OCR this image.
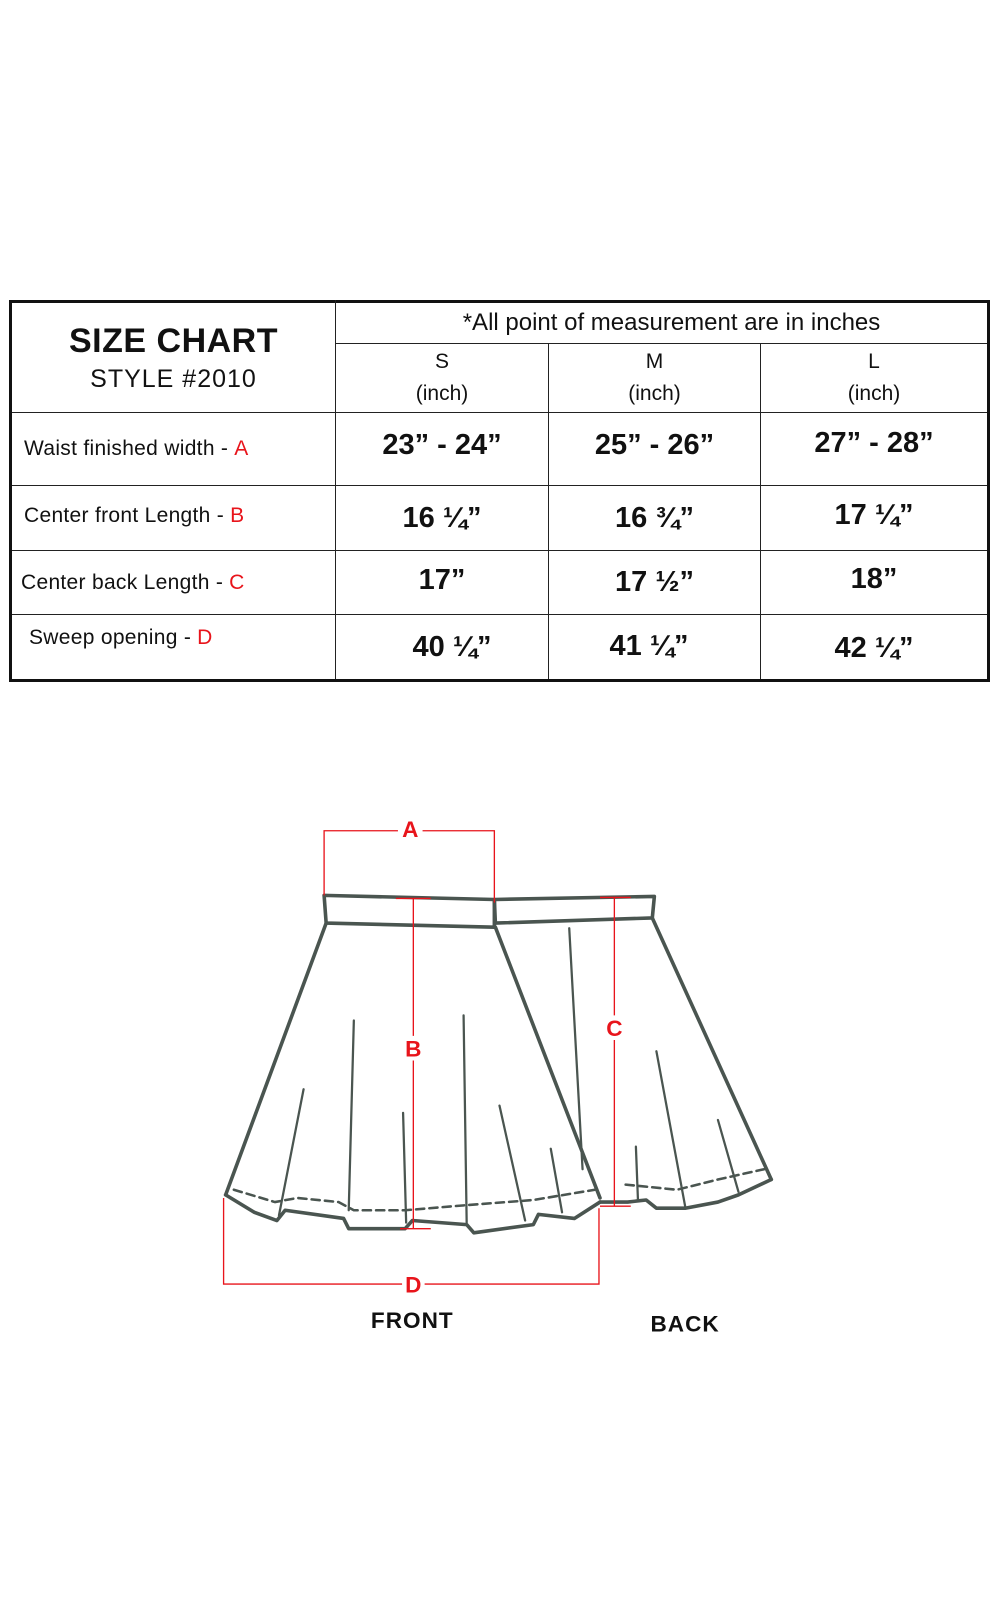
SIZE CHART
STYLE #2010
*All point of measurement are in inches
S
(inch)
M
(inch)
L
(inch)
Waist finished width - A	23” - 24”	25” - 26”	27” - 28”
Center front Length - B	16 ¼”	16 ¾”	17 ¼”
Center back Length - C	17”	17 ½”	18”
Sweep opening - D	40 ¼”	41 ¼”	42 ¼”
A
B
C
D
FRONT	BACK
